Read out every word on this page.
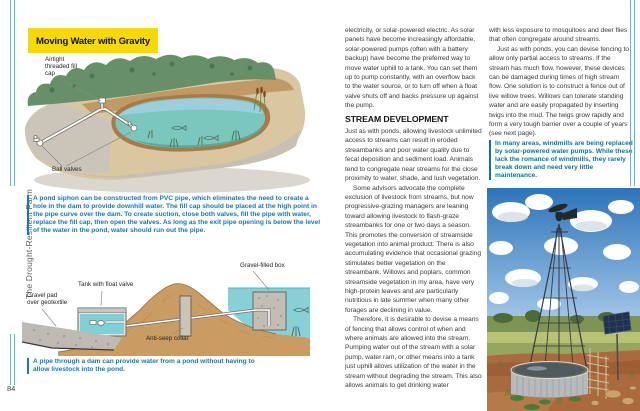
The Drought-Resilient Farm
84
Moving Water with Gravity
Airtight threaded fill cap
Ball valves
A pond siphon can be constructed from PVC pipe, which eliminates the need to create a hole in the dam to provide downhill water. The fill cap should be placed at the high point in the pipe curve over the dam. To create suction, close both valves, fill the pipe with water, replace the fill cap, then open the valves. As long as the exit pipe opening is below the level of the water in the pond, water should run out the pipe.
Gravel-filled box
Tank with float valve
Gravel pad over geotextile
Anti-seep collar
A pipe through a dam can provide water from a pond without having to allow livestock into the pond.

electricity, or solar-powered electric. As solar panels have become increasingly affordable, solar-powered pumps (often with a battery backup) have become the preferred way to move water uphill to a tank. You can set them up to pump constantly, with an overflow back to the water source, or to turn off when a float valve shuts off and backs pressure up against the pump.

STREAM DEVELOPMENT

Just as with ponds, allowing livestock unlimited access to streams can result in eroded streambanks and poor water quality due to fecal deposition and sediment load. Animals tend to congregate near streams for the close proximity to water, shade, and lush vegetation.

Some advisors advocate the complete exclusion of livestock from streams, but now progressive-grazing managers are leaning toward allowing livestock to flash-graze streambanks for one or two days a season. This promotes the conversion of streamside vegetation into animal product. There is also accumulating evidence that occasional grazing stimulates better vegetation on the streambank. Willows and poplars, common streamside vegetation in my area, have very high-protein leaves and are particularly nutritious in late summer when many other forages are declining in value.

Therefore, it is desirable to devise a means of fencing that allows control of when and where animals are allowed into the stream. Pumping water out of the stream with a solar pump, water ram, or other means into a tank just uphill allows utilization of the water in the stream without degrading the stream. This also allows animals to get drinking water

with less exposure to mosquitoes and deer flies that often congregate around streams.

Just as with ponds, you can devise fencing to allow only partial access to streams. If the stream has much flow, however, these devices can be damaged during times of high stream flow. One solution is to construct a fence out of live willow trees. Willows can tolerate standing water and are easily propagated by inserting twigs into the mud. The twigs grow rapidly and form a very tough barrier over a couple of years (see next page).

In many areas, windmills are being replaced by solar-powered water pumps. While these lack the romance of windmills, they rarely break down and need very little maintenance.
